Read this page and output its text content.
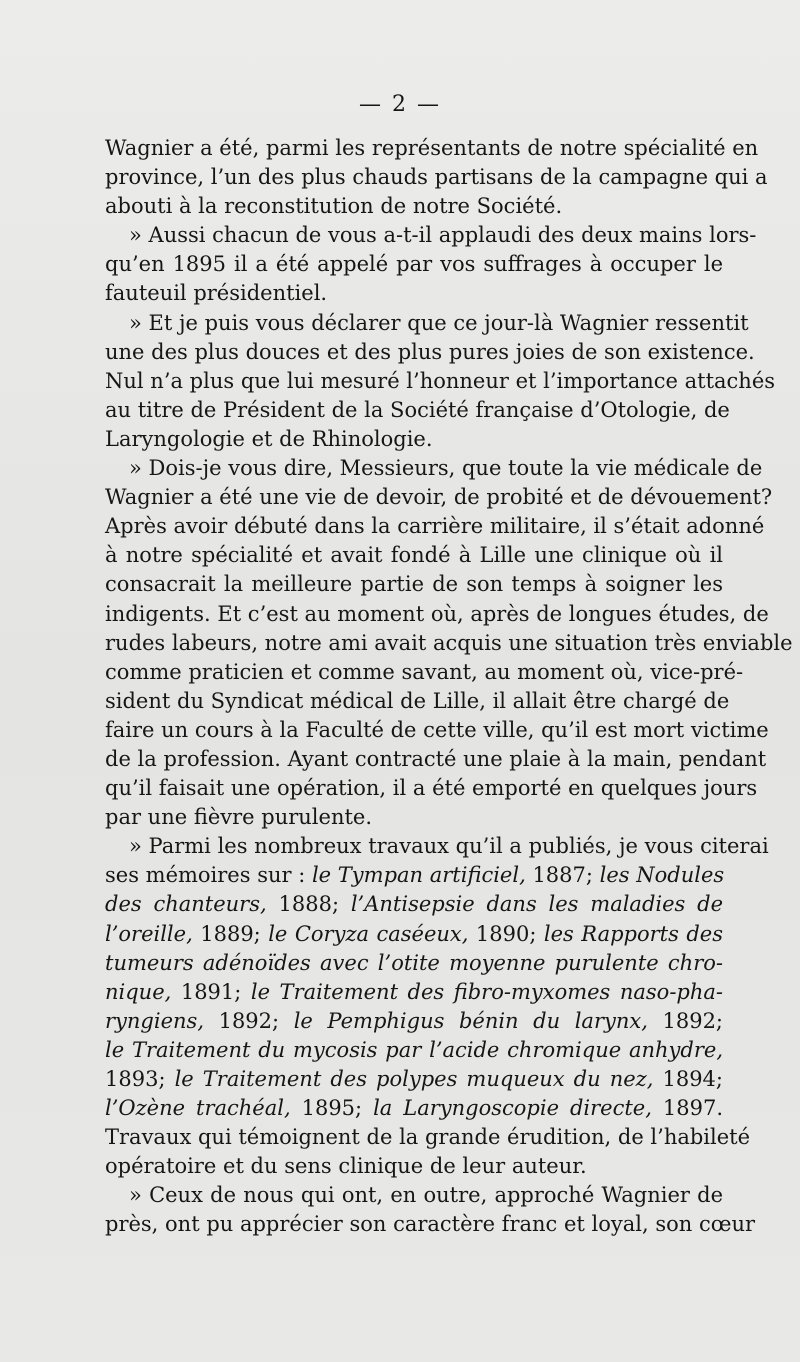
— 2 —
Wagnier a été, parmi les représentants de notre spécialité en
province, l’un des plus chauds partisans de la campagne qui a
abouti à la reconstitution de notre Société.
» Aussi chacun de vous a-t-il applaudi des deux mains lors-
qu’en 1895 il a été appelé par vos suffrages à occuper le
fauteuil présidentiel.
» Et je puis vous déclarer que ce jour-là Wagnier ressentit
une des plus douces et des plus pures joies de son existence.
Nul n’a plus que lui mesuré l’honneur et l’importance attachés
au titre de Président de la Société française d’Otologie, de
Laryngologie et de Rhinologie.
» Dois-je vous dire, Messieurs, que toute la vie médicale de
Wagnier a été une vie de devoir, de probité et de dévouement?
Après avoir débuté dans la carrière militaire, il s’était adonné
à notre spécialité et avait fondé à Lille une clinique où il
consacrait la meilleure partie de son temps à soigner les
indigents. Et c’est au moment où, après de longues études, de
rudes labeurs, notre ami avait acquis une situation très enviable
comme praticien et comme savant, au moment où, vice-pré-
sident du Syndicat médical de Lille, il allait être chargé de
faire un cours à la Faculté de cette ville, qu’il est mort victime
de la profession. Ayant contracté une plaie à la main, pendant
qu’il faisait une opération, il a été emporté en quelques jours
par une fièvre purulente.
» Parmi les nombreux travaux qu’il a publiés, je vous citerai
ses mémoires sur : le Tympan artificiel, 1887; les Nodules
des chanteurs, 1888; l’Antisepsie dans les maladies de
l’oreille, 1889; le Coryza caséeux, 1890; les Rapports des
tumeurs adénoïdes avec l’otite moyenne purulente chro-
nique, 1891; le Traitement des fibro-myxomes naso-pha-
ryngiens, 1892; le Pemphigus bénin du larynx, 1892;
le Traitement du mycosis par l’acide chromique anhydre,
1893; le Traitement des polypes muqueux du nez, 1894;
l’Ozène trachéal, 1895; la Laryngoscopie directe, 1897.
Travaux qui témoignent de la grande érudition, de l’habileté
opératoire et du sens clinique de leur auteur.
» Ceux de nous qui ont, en outre, approché Wagnier de
près, ont pu apprécier son caractère franc et loyal, son cœur
